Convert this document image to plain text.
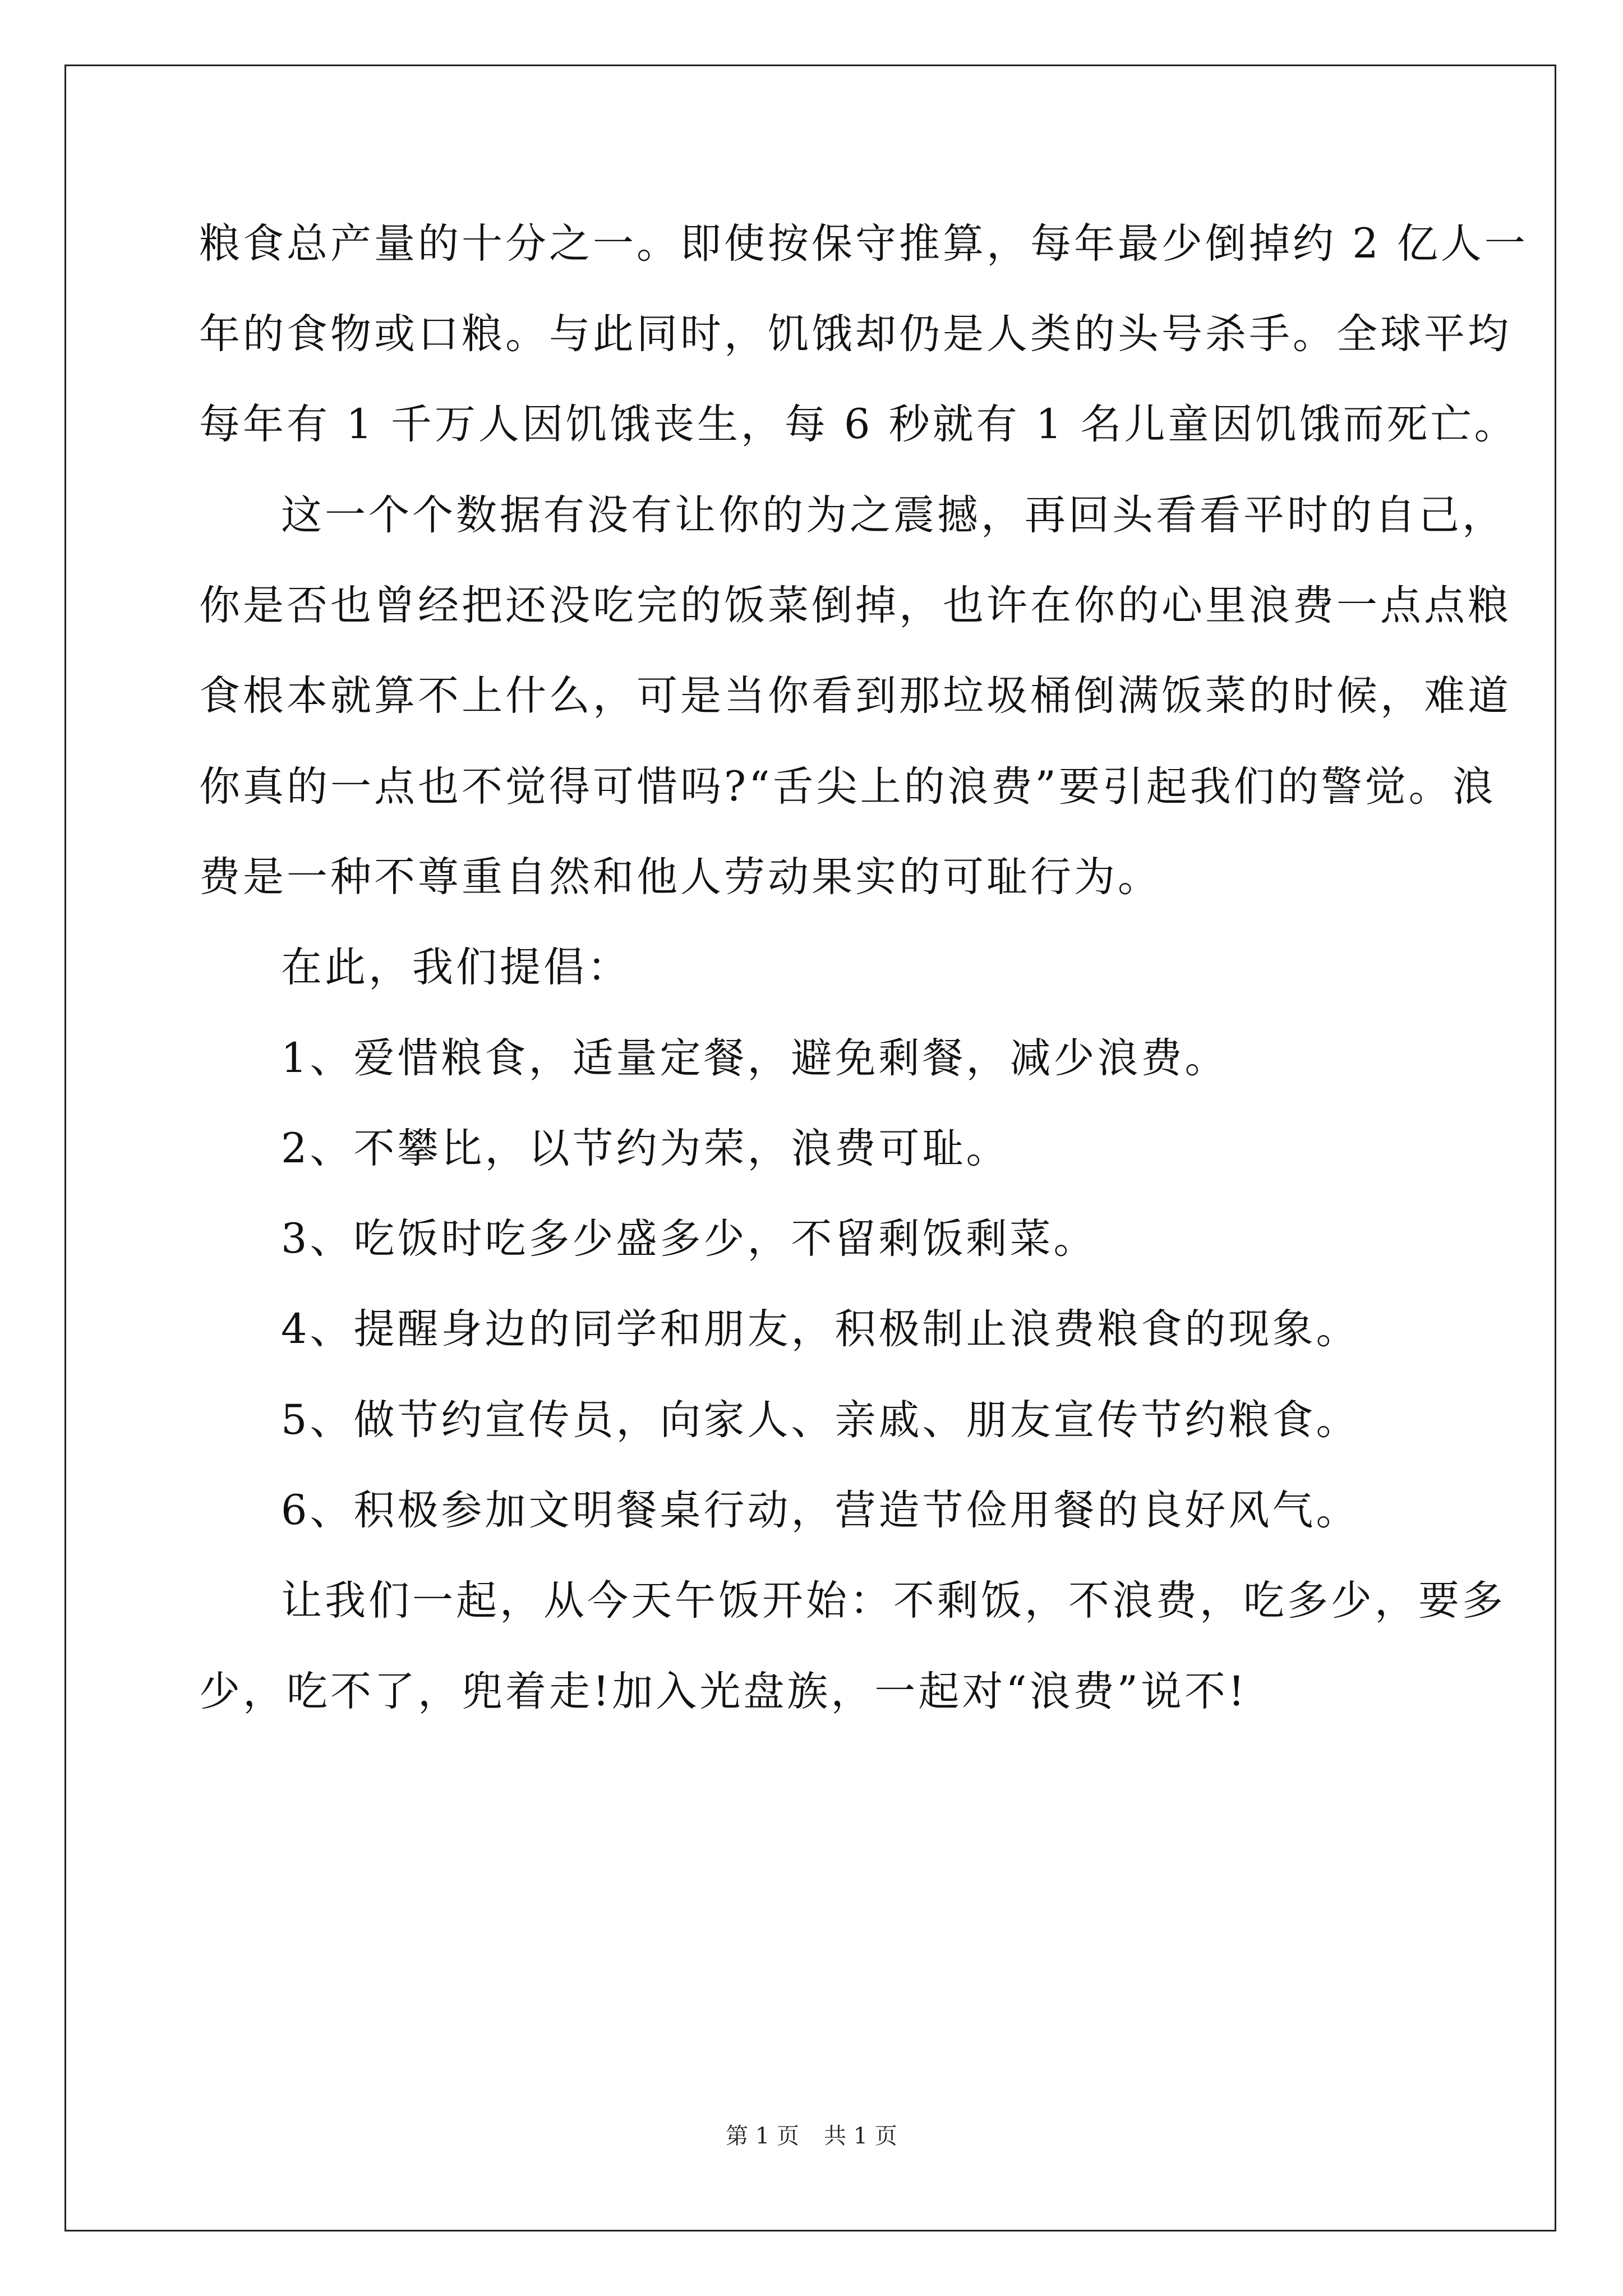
粮食总产量的十分之一。即使按保守推算，每年最少倒掉约 2 亿人一
年的食物或口粮。与此同时，饥饿却仍是人类的头号杀手。全球平均
每年有 1 千万人因饥饿丧生，每 6 秒就有 1 名儿童因饥饿而死亡。
这一个个数据有没有让你的为之震撼，再回头看看平时的自己，
你是否也曾经把还没吃完的饭菜倒掉，也许在你的心里浪费一点点粮
食根本就算不上什么，可是当你看到那垃圾桶倒满饭菜的时候，难道
你真的一点也不觉得可惜吗?“舌尖上的浪费”要引起我们的警觉。浪
费是一种不尊重自然和他人劳动果实的可耻行为。
在此，我们提倡：
1、爱惜粮食，适量定餐，避免剩餐，减少浪费。
2、不攀比，以节约为荣，浪费可耻。
3、吃饭时吃多少盛多少，不留剩饭剩菜。
4、提醒身边的同学和朋友，积极制止浪费粮食的现象。
5、做节约宣传员，向家人、亲戚、朋友宣传节约粮食。
6、积极参加文明餐桌行动，营造节俭用餐的良好风气。
让我们一起，从今天午饭开始：不剩饭，不浪费，吃多少，要多
少，吃不了，兜着走!加入光盘族，一起对“浪费”说不!
第 1 页 共 1 页
